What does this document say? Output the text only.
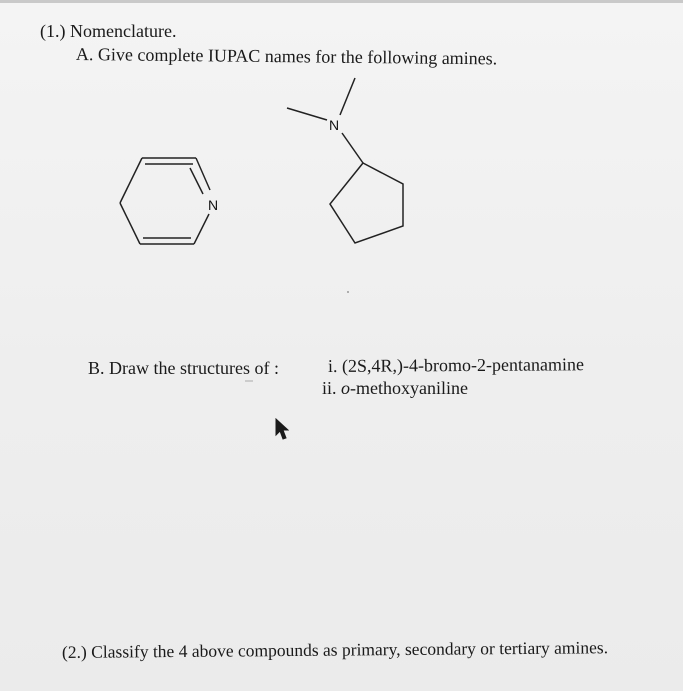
(1.) Nomenclature.
A. Give complete IUPAC names for the following amines.
N
N
B. Draw the structures of :	i. (2S,4R,)-4-bromo-2-pentanamine
ii. o-methoxyaniline
(2.) Classify the 4 above compounds as primary, secondary or tertiary amines.
